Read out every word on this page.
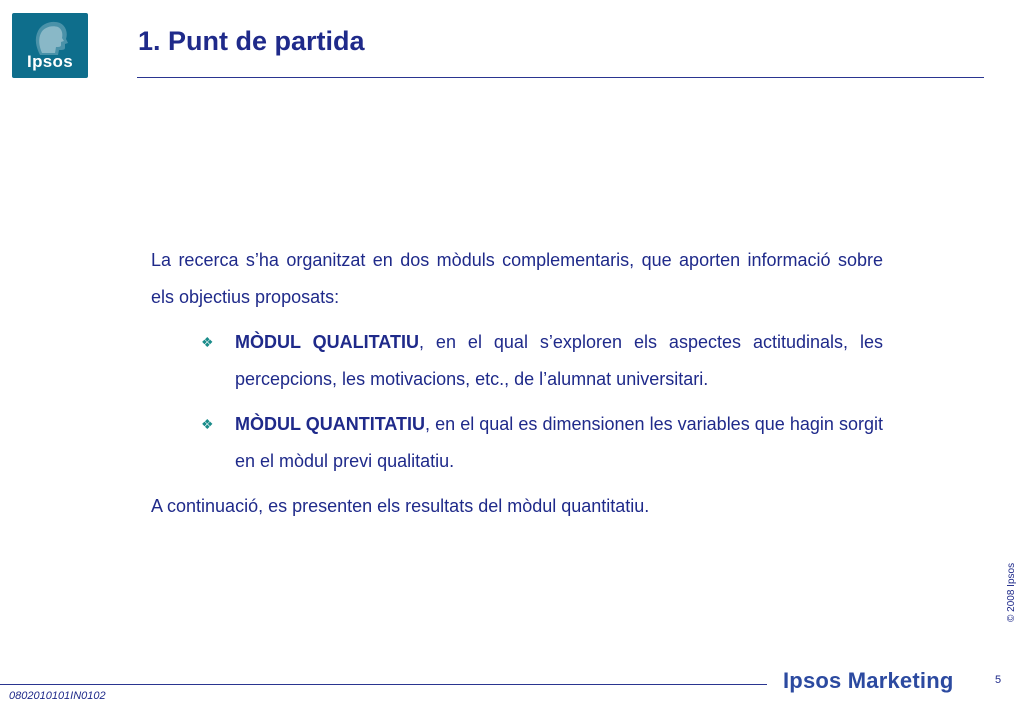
Ipsos
1. Punt de partida

La recerca s’ha organitzat en dos mòduls complementaris, que aporten informació sobre els objectius proposats:

❖ MÒDUL QUALITATIU, en el qual s’exploren els aspectes actitudinals, les percepcions, les motivacions, etc., de l’alumnat universitari.

❖ MÒDUL QUANTITATIU, en el qual es dimensionen les variables que hagin sorgit en el mòdul previ qualitatiu.

A continuació, es presenten els resultats del mòdul quantitatiu.

© 2008 Ipsos
0802010101IN0102
Ipsos Marketing	5
